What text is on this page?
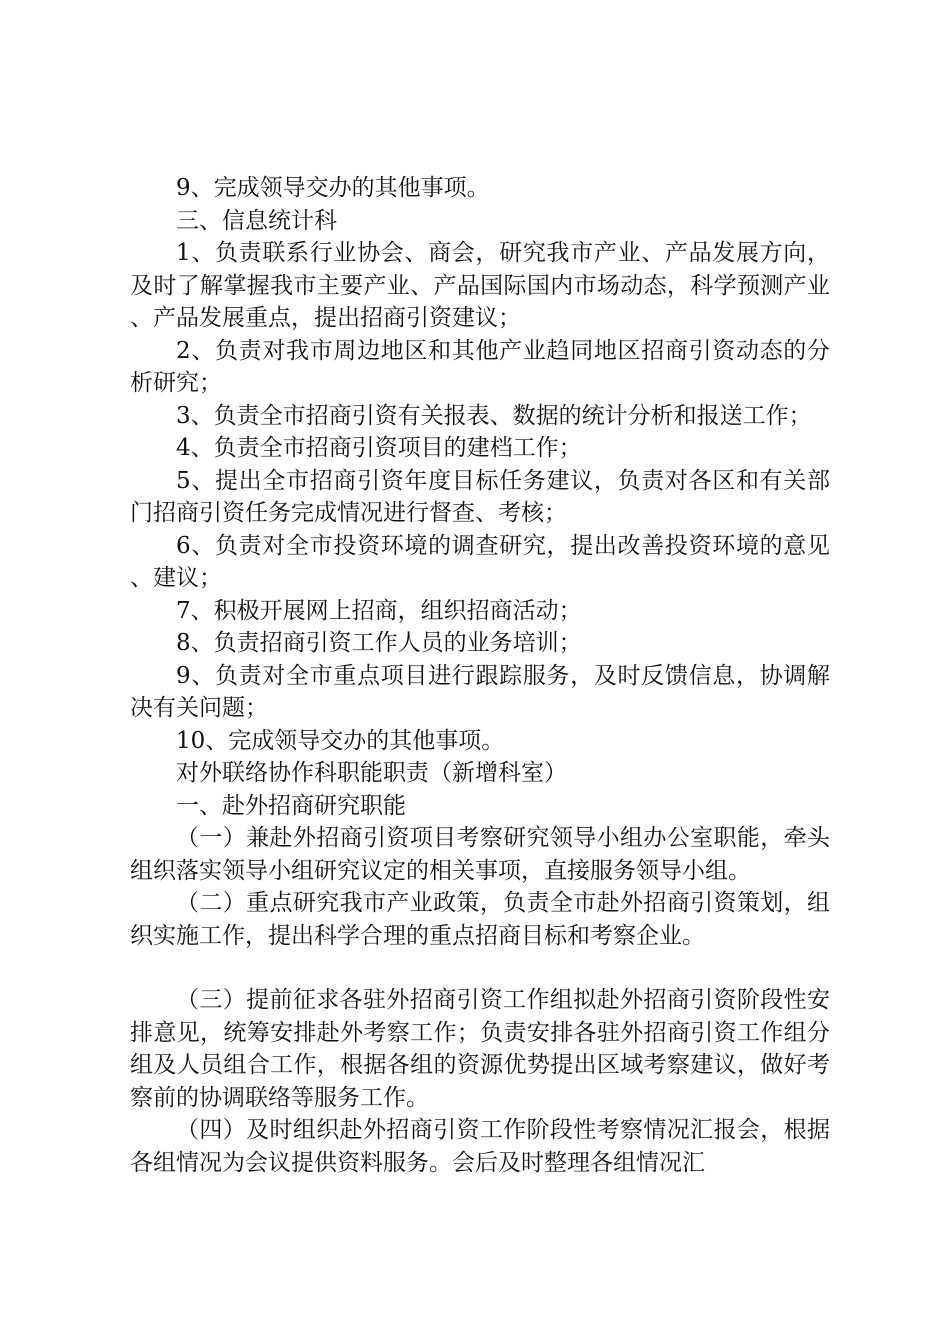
9、完成领导交办的其他事项。

三、信息统计科

1、负责联系行业协会、商会，研究我市产业、产品发展方向，及时了解掌握我市主要产业、产品国际国内市场动态，科学预测产业、产品发展重点，提出招商引资建议；

2、负责对我市周边地区和其他产业趋同地区招商引资动态的分析研究；

3、负责全市招商引资有关报表、数据的统计分析和报送工作；

4、负责全市招商引资项目的建档工作；

5、提出全市招商引资年度目标任务建议，负责对各区和有关部门招商引资任务完成情况进行督查、考核；

6、负责对全市投资环境的调查研究，提出改善投资环境的意见、建议；

7、积极开展网上招商，组织招商活动；

8、负责招商引资工作人员的业务培训；

9、负责对全市重点项目进行跟踪服务，及时反馈信息，协调解决有关问题；

10、完成领导交办的其他事项。

对外联络协作科职能职责（新增科室）

一、赴外招商研究职能

（一）兼赴外招商引资项目考察研究领导小组办公室职能，牵头组织落实领导小组研究议定的相关事项，直接服务领导小组。

（二）重点研究我市产业政策，负责全市赴外招商引资策划，组织实施工作，提出科学合理的重点招商目标和考察企业。

（三）提前征求各驻外招商引资工作组拟赴外招商引资阶段性安排意见，统筹安排赴外考察工作；负责安排各驻外招商引资工作组分组及人员组合工作，根据各组的资源优势提出区域考察建议，做好考察前的协调联络等服务工作。

（四）及时组织赴外招商引资工作阶段性考察情况汇报会，根据各组情况为会议提供资料服务。会后及时整理各组情况汇
